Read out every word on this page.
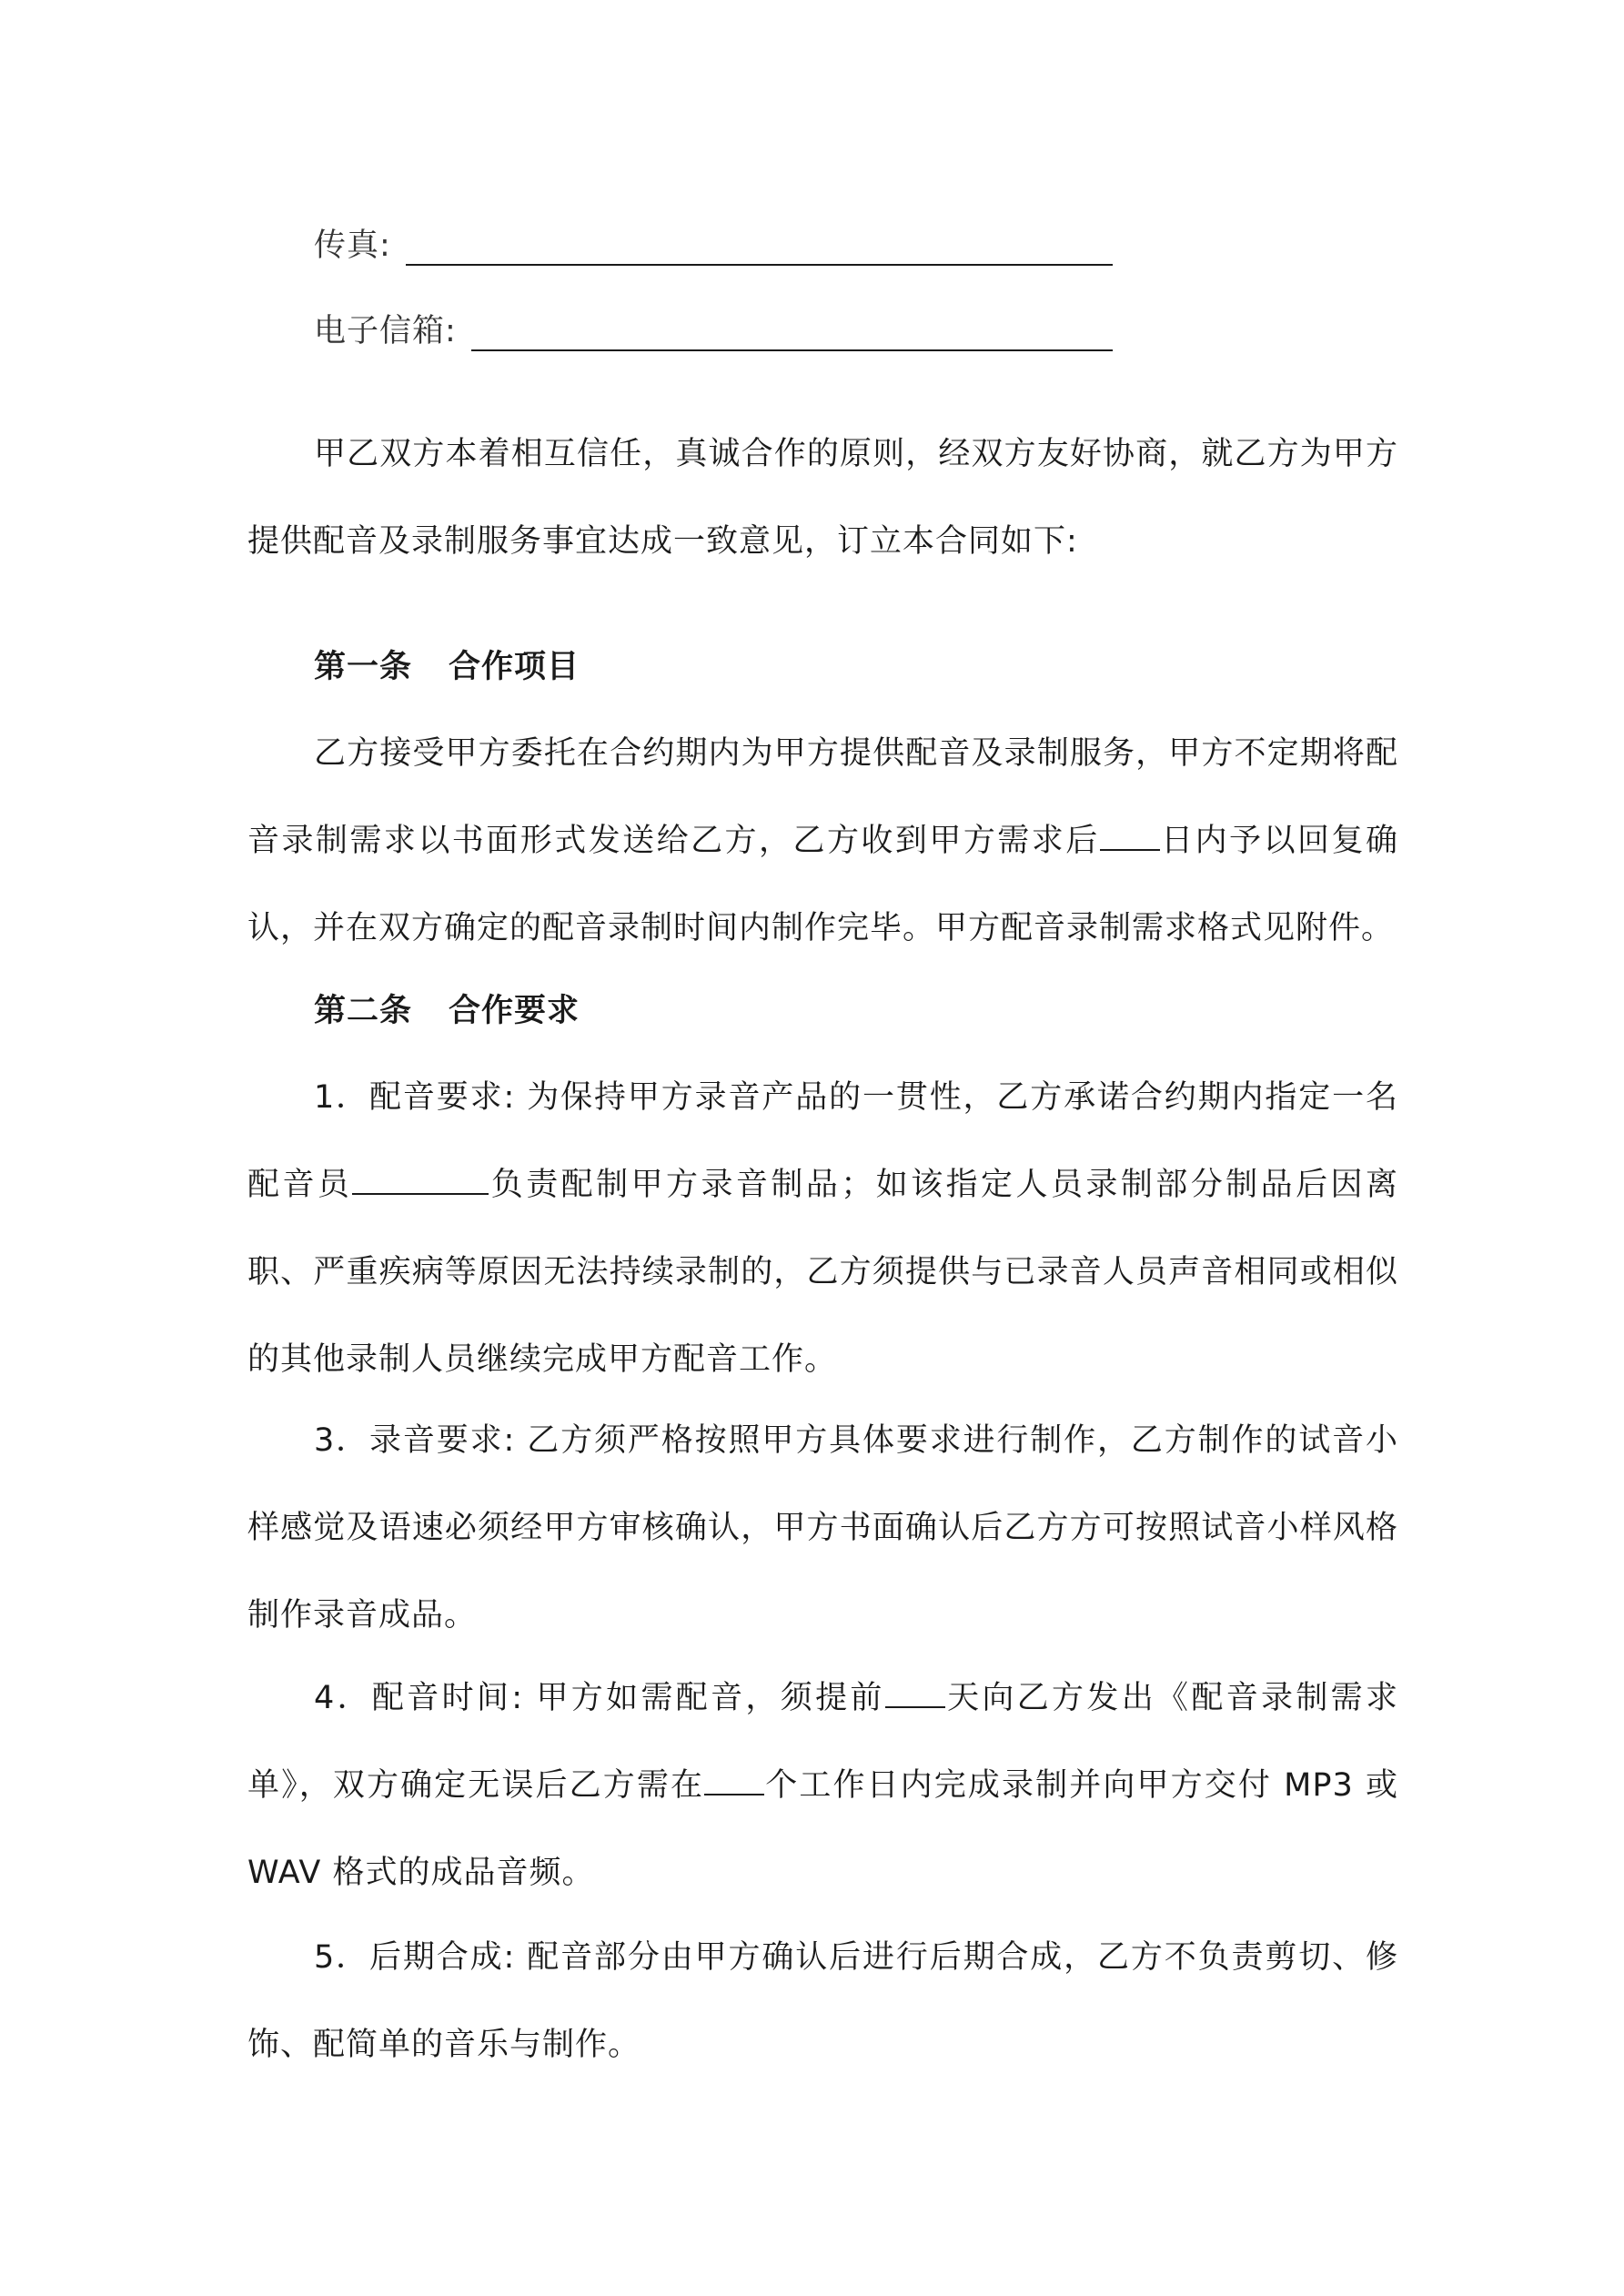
传真:
电子信箱:

甲乙双方本着相互信任，真诚合作的原则，经双方友好协商，就乙方为甲方提供配音及录制服务事宜达成一致意见，订立本合同如下:

第一条 合作项目

乙方接受甲方委托在合约期内为甲方提供配音及录制服务，甲方不定期将配音录制需求以书面形式发送给乙方，乙方收到甲方需求后 日内予以回复确认，并在双方确定的配音录制时间内制作完毕。甲方配音录制需求格式见附件。

第二条 合作要求

1．配音要求: 为保持甲方录音产品的一贯性，乙方承诺合约期内指定一名配音员	负责配制甲方录音制品；如该指定人员录制部分制品后因离职、严重疾病等原因无法持续录制的，乙方须提供与已录音人员声音相同或相似的其他录制人员继续完成甲方配音工作。

3．录音要求: 乙方须严格按照甲方具体要求进行制作，乙方制作的试音小样感觉及语速必须经甲方审核确认，甲方书面确认后乙方方可按照试音小样风格制作录音成品。

4．配音时间: 甲方如需配音，须提前 天向乙方发出《配音录制需求单》，双方确定无误后乙方需在 个工作日内完成录制并向甲方交付 MP3 或 WAV 格式的成品音频。

5．后期合成: 配音部分由甲方确认后进行后期合成，乙方不负责剪切、修饰、配简单的音乐与制作。
